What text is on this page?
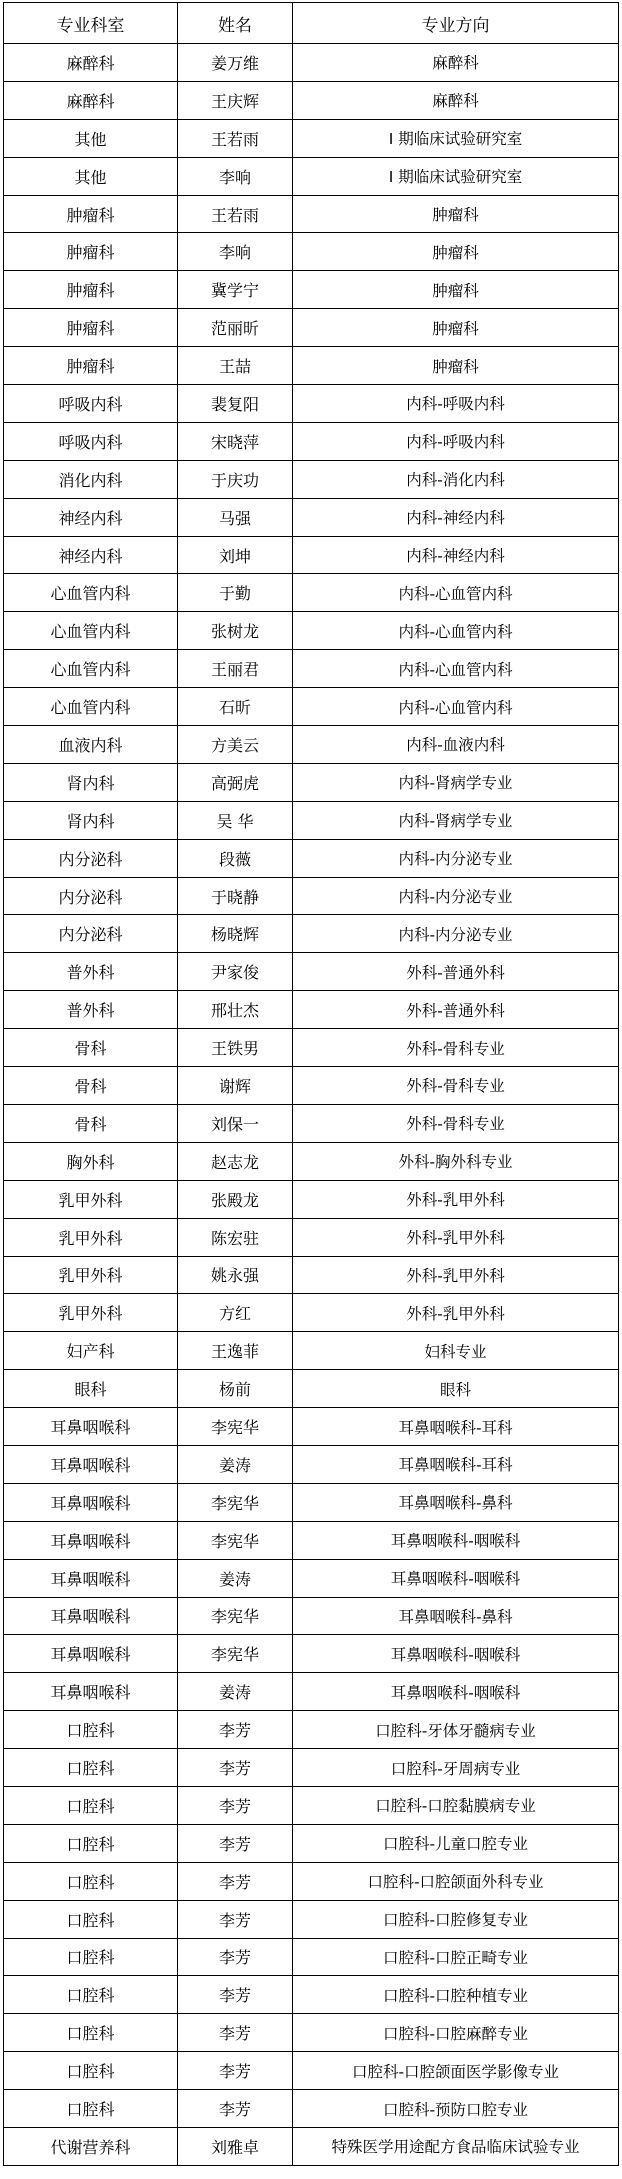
专业科室	姓名	专业方向
麻醉科	姜万维	麻醉科
麻醉科	王庆辉	麻醉科
其他	王若雨	I 期临床试验研究室
其他	李响	I 期临床试验研究室
肿瘤科	王若雨	肿瘤科
肿瘤科	李响	肿瘤科
肿瘤科	冀学宁	肿瘤科
肿瘤科	范丽昕	肿瘤科
肿瘤科	王喆	肿瘤科
呼吸内科	裴复阳	内科-呼吸内科
呼吸内科	宋晓萍	内科-呼吸内科
消化内科	于庆功	内科-消化内科
神经内科	马强	内科-神经内科
神经内科	刘坤	内科-神经内科
心血管内科	于勤	内科-心血管内科
心血管内科	张树龙	内科-心血管内科
心血管内科	王丽君	内科-心血管内科
心血管内科	石昕	内科-心血管内科
血液内科	方美云	内科-血液内科
肾内科	高弼虎	内科-肾病学专业
肾内科	吴 华	内科-肾病学专业
内分泌科	段薇	内科-内分泌专业
内分泌科	于晓静	内科-内分泌专业
内分泌科	杨晓辉	内科-内分泌专业
普外科	尹家俊	外科-普通外科
普外科	邢壮杰	外科-普通外科
骨科	王铁男	外科-骨科专业
骨科	谢辉	外科-骨科专业
骨科	刘保一	外科-骨科专业
胸外科	赵志龙	外科-胸外科专业
乳甲外科	张殿龙	外科-乳甲外科
乳甲外科	陈宏驻	外科-乳甲外科
乳甲外科	姚永强	外科-乳甲外科
乳甲外科	方红	外科-乳甲外科
妇产科	王逸菲	妇科专业
眼科	杨前	眼科
耳鼻咽喉科	李宪华	耳鼻咽喉科-耳科
耳鼻咽喉科	姜涛	耳鼻咽喉科-耳科
耳鼻咽喉科	李宪华	耳鼻咽喉科-鼻科
耳鼻咽喉科	李宪华	耳鼻咽喉科-咽喉科
耳鼻咽喉科	姜涛	耳鼻咽喉科-咽喉科
耳鼻咽喉科	李宪华	耳鼻咽喉科-鼻科
耳鼻咽喉科	李宪华	耳鼻咽喉科-咽喉科
耳鼻咽喉科	姜涛	耳鼻咽喉科-咽喉科
口腔科	李芳	口腔科-牙体牙髓病专业
口腔科	李芳	口腔科-牙周病专业
口腔科	李芳	口腔科-口腔黏膜病专业
口腔科	李芳	口腔科-儿童口腔专业
口腔科	李芳	口腔科-口腔颌面外科专业
口腔科	李芳	口腔科-口腔修复专业
口腔科	李芳	口腔科-口腔正畸专业
口腔科	李芳	口腔科-口腔种植专业
口腔科	李芳	口腔科-口腔麻醉专业
口腔科	李芳	口腔科-口腔颌面医学影像专业
口腔科	李芳	口腔科-预防口腔专业
代谢营养科	刘雅卓	特殊医学用途配方食品临床试验专业
